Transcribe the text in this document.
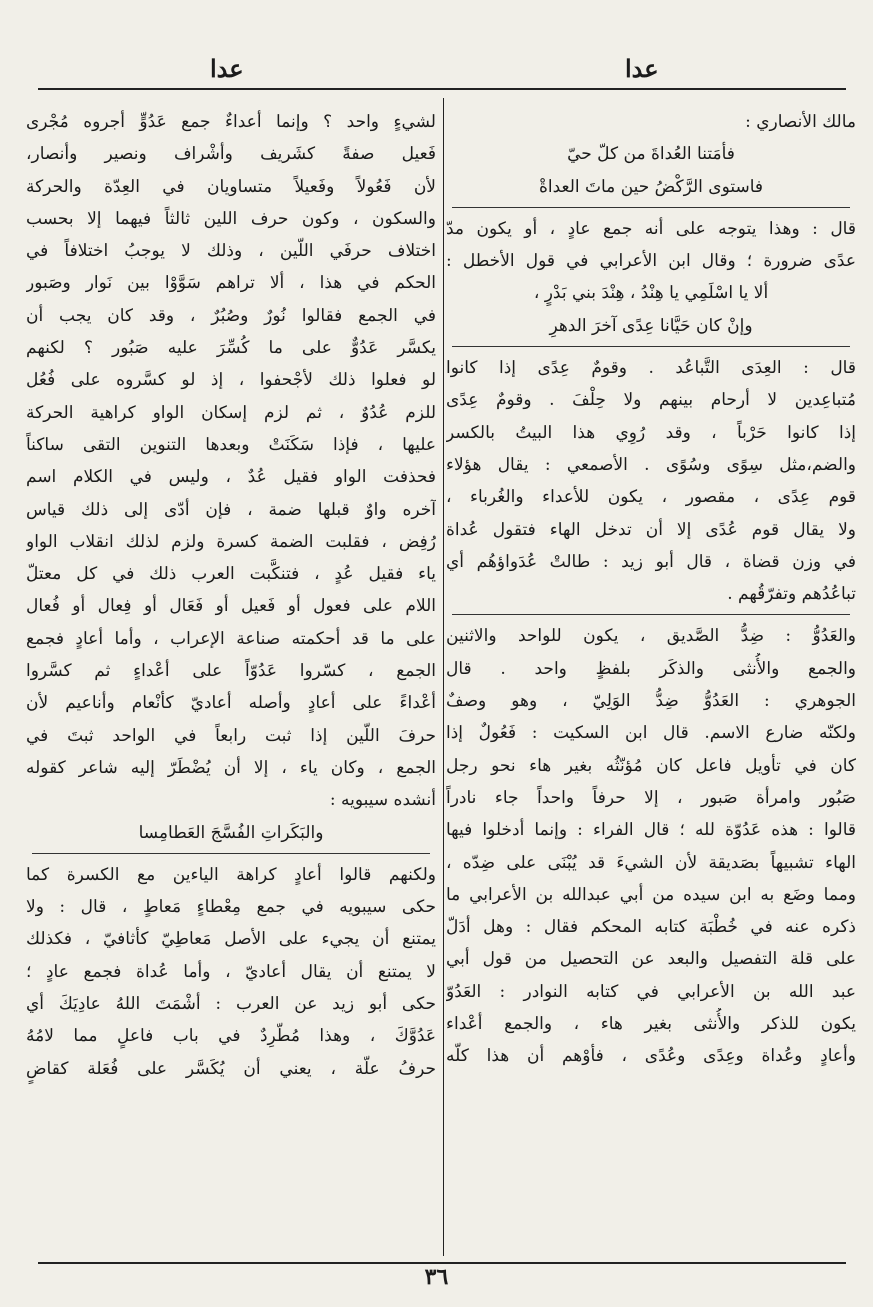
عدا
عدا
مالك الأنصاري :
فأمَتنا العُداةَ من كلّ حيّ
فاستوى الرَّكْضُ حين ماتَ العداةْ
قال : وهذا يتوجه على أنه جمع عادٍ ، أو يكون مدّ
عدًى ضرورة ؛ وقال ابن الأعرابي في قول الأخطل :
ألا يا اسْلَمِي يا هِنْدُ ، هِنْدَ بني بَدْرٍ ،
وإنْ كان حَيَّانا عِدًى آخرَ الدهرِ
قال : العِدَى التَّباعُد . وقومٌ عِدًى إذا كانوا
مُتباعِدين لا أرحام بينهم ولا حِلْفَ . وقومٌ عِدًى
إذا كانوا حَرْباً ، وقد رُوِي هذا البيتُ بالكسر
والضم،مثل سِوًى وسُوًى . الأصمعي : يقال هؤلاء
قوم عِدًى ، مقصور ، يكون للأعداء والغُرباء ،
ولا يقال قوم عُدًى إلا أن تدخل الهاء فتقول عُداة
في وزن قضاة ، قال أبو زيد : طالتْ عُدَواؤهُم أي
تباعُدُهم وتفرّقُهم .
والعَدُوُّ : ضِدُّ الصَّديق ، يكون للواحد والاثنين
والجمع والأُنثى والذكَر بلفظٍ واحد . قال
الجوهري : العَدُوُّ ضِدُّ الوَلِيّ ، وهو وصفٌ
ولكنّه ضارع الاسم. قال ابن السكيت : فَعُولٌ إذا
كان في تأويل فاعل كان مُؤنّثُه بغير هاء نحو رجل
صَبُور وامرأة صَبور ، إلا حرفاً واحداً جاء نادراً
قالوا : هذه عَدُوّة لله ؛ قال الفراء : وإنما أدخلوا فيها
الهاء تشبيهاً بصَديقة لأن الشيءَ قد يُبْنَى على ضِدّه ،
ومما وضَع به ابن سيده من أبي عبدالله بن الأعرابي ما
ذكره عنه في خُطْبَة كتابه المحكم فقال : وهل أدَلّ
على قلة التفصيل والبعد عن التحصيل من قول أبي
عبد الله بن الأعرابي في كتابه النوادر : العَدُوّ
يكون للذكر والأُنثى بغير هاء ، والجمع أعْداء
وأعادٍ وعُداة وعِدًى وعُدًى ، فأوْهم أن هذا كلّه
لشيءٍ واحد ؟ وإنما أعداءٌ جمع عَدُوٍّ أجروه مُجْرى
فَعيل صفةً كشَريف وأشْراف ونصير وأنصار،
لأن فَعُولاً وفَعيلاً متساويان في العِدّة والحركة
والسكون ، وكون حرف اللين ثالثاً فيهما إلا بحسب
اختلاف حرفَي اللّين ، وذلك لا يوجبُ اختلافاً في
الحكم في هذا ، ألا تراهم سَوَّوْا بين نَوار وصَبور
في الجمع فقالوا نُورٌ وصُبُرٌ ، وقد كان يجب أن
يكسَّر عَدُوٌّ على ما كُسِّرَ عليه صَبُور ؟ لكنهم
لو فعلوا ذلك لأجْحفوا ، إذ لو كسَّروه على فُعُل
للزم عُدُوٌ ، ثم لزم إسكان الواو كراهية الحركة
عليها ، فإذا سَكَنَتْ وبعدها التنوين التقى ساكناً
فحذفت الواو فقيل عُدٌ ، وليس في الكلام اسم
آخره واوٌ قبلها ضمة ، فإن أدّى إلى ذلك قياس
رُفِض ، فقلبت الضمة كسرة ولزم لذلك انقلاب الواو
ياء فقيل عُدٍ ، فتنكَّبت العرب ذلك في كل معتلّ
اللام على فعول أو فَعيل أو فَعَال أو فِعال أو فُعال
على ما قد أحكمته صناعة الإعراب ، وأما أعادٍ فجمع
الجمع ، كسّروا عَدُوّاً على أعْداءٍ ثم كسَّروا
أعْداءً على أعادٍ وأصله أعاديّ كأنْعام وأناعيم لأن
حرفَ اللّين إذا ثبت رابعاً في الواحد ثبتَ في
الجمع ، وكان ياء ، إلا أن يُضْطَرّ إليه شاعر كقوله
أنشده سيبويه :
والبَكَراتِ الفُسَّجَ العَطامِسا
ولكنهم قالوا أعادٍ كراهة الياءين مع الكسرة كما
حكى سيبويه في جمع مِعْطاءٍ مَعاطٍ ، قال : ولا
يمتنع أن يجيء على الأصل مَعاطِيّ كأثافيّ ، فكذلك
لا يمتنع أن يقال أعاديّ ، وأما عُداة فجمع عادٍ ؛
حكى أبو زيد عن العرب : أشْمَتَ اللهُ عادِيَكَ أي
عَدُوَّكَ ، وهذا مُطّرِدٌ في باب فاعلٍ مما لامُهُ
حرفُ علّة ، يعني أن يُكَسَّر على فُعَلة كقاضٍ
٣٦
